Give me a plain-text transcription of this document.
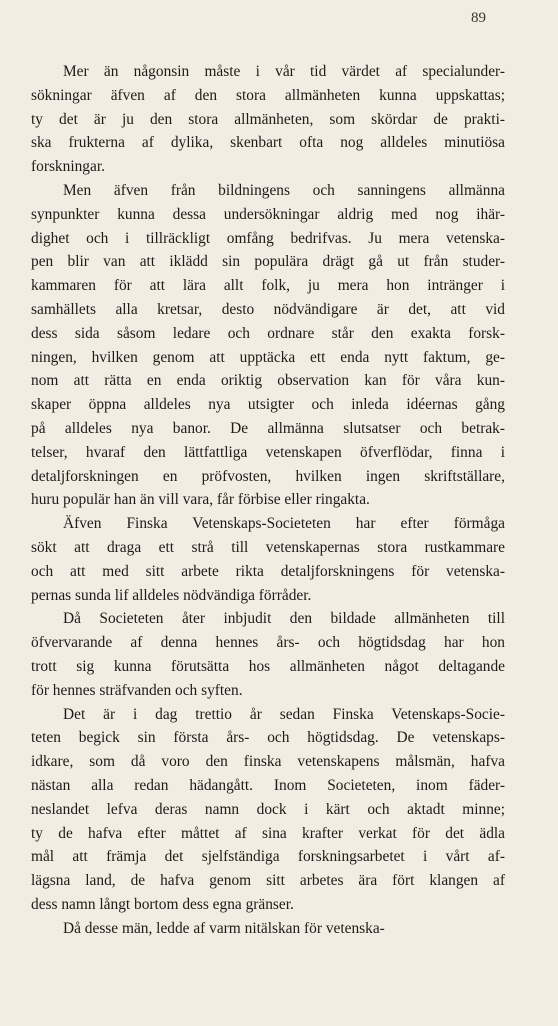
89
Mer än någonsin måste i vår tid värdet af specialunder-
sökningar äfven af den stora allmänheten kunna uppskattas;
ty det är ju den stora allmänheten, som skördar de prakti-
ska frukterna af dylika, skenbart ofta nog alldeles minutiösa
forskningar.
Men äfven från bildningens och sanningens allmänna
synpunkter kunna dessa undersökningar aldrig med nog ihär-
dighet och i tillräckligt omfång bedrifvas. Ju mera vetenska-
pen blir van att iklädd sin populära drägt gå ut från studer-
kammaren för att lära allt folk, ju mera hon intränger i
samhällets alla kretsar, desto nödvändigare är det, att vid
dess sida såsom ledare och ordnare står den exakta forsk-
ningen, hvilken genom att upptäcka ett enda nytt faktum, ge-
nom att rätta en enda oriktig observation kan för våra kun-
skaper öppna alldeles nya utsigter och inleda idéernas gång
på alldeles nya banor. De allmänna slutsatser och betrak-
telser, hvaraf den lättfattliga vetenskapen öfverflödar, finna i
detaljforskningen en pröfvosten, hvilken ingen skriftställare,
huru populär han än vill vara, får förbise eller ringakta.
Äfven Finska Vetenskaps-Societeten har efter förmåga
sökt att draga ett strå till vetenskapernas stora rustkammare
och att med sitt arbete rikta detaljforskningens för vetenska-
pernas sunda lif alldeles nödvändiga förråder.
Då Societeten åter inbjudit den bildade allmänheten till
öfvervarande af denna hennes års- och högtidsdag har hon
trott sig kunna förutsätta hos allmänheten något deltagande
för hennes sträfvanden och syften.
Det är i dag trettio år sedan Finska Vetenskaps-Socie-
teten begick sin första års- och högtidsdag. De vetenskaps-
idkare, som då voro den finska vetenskapens målsmän, hafva
nästan alla redan hädangått. Inom Societeten, inom fäder-
neslandet lefva deras namn dock i kärt och aktadt minne;
ty de hafva efter måttet af sina krafter verkat för det ädla
mål att främja det sjelfständiga forskningsarbetet i vårt af-
lägsna land, de hafva genom sitt arbetes ära fört klangen af
dess namn långt bortom dess egna gränser.
Då desse män, ledde af varm nitälskan för vetenska-
